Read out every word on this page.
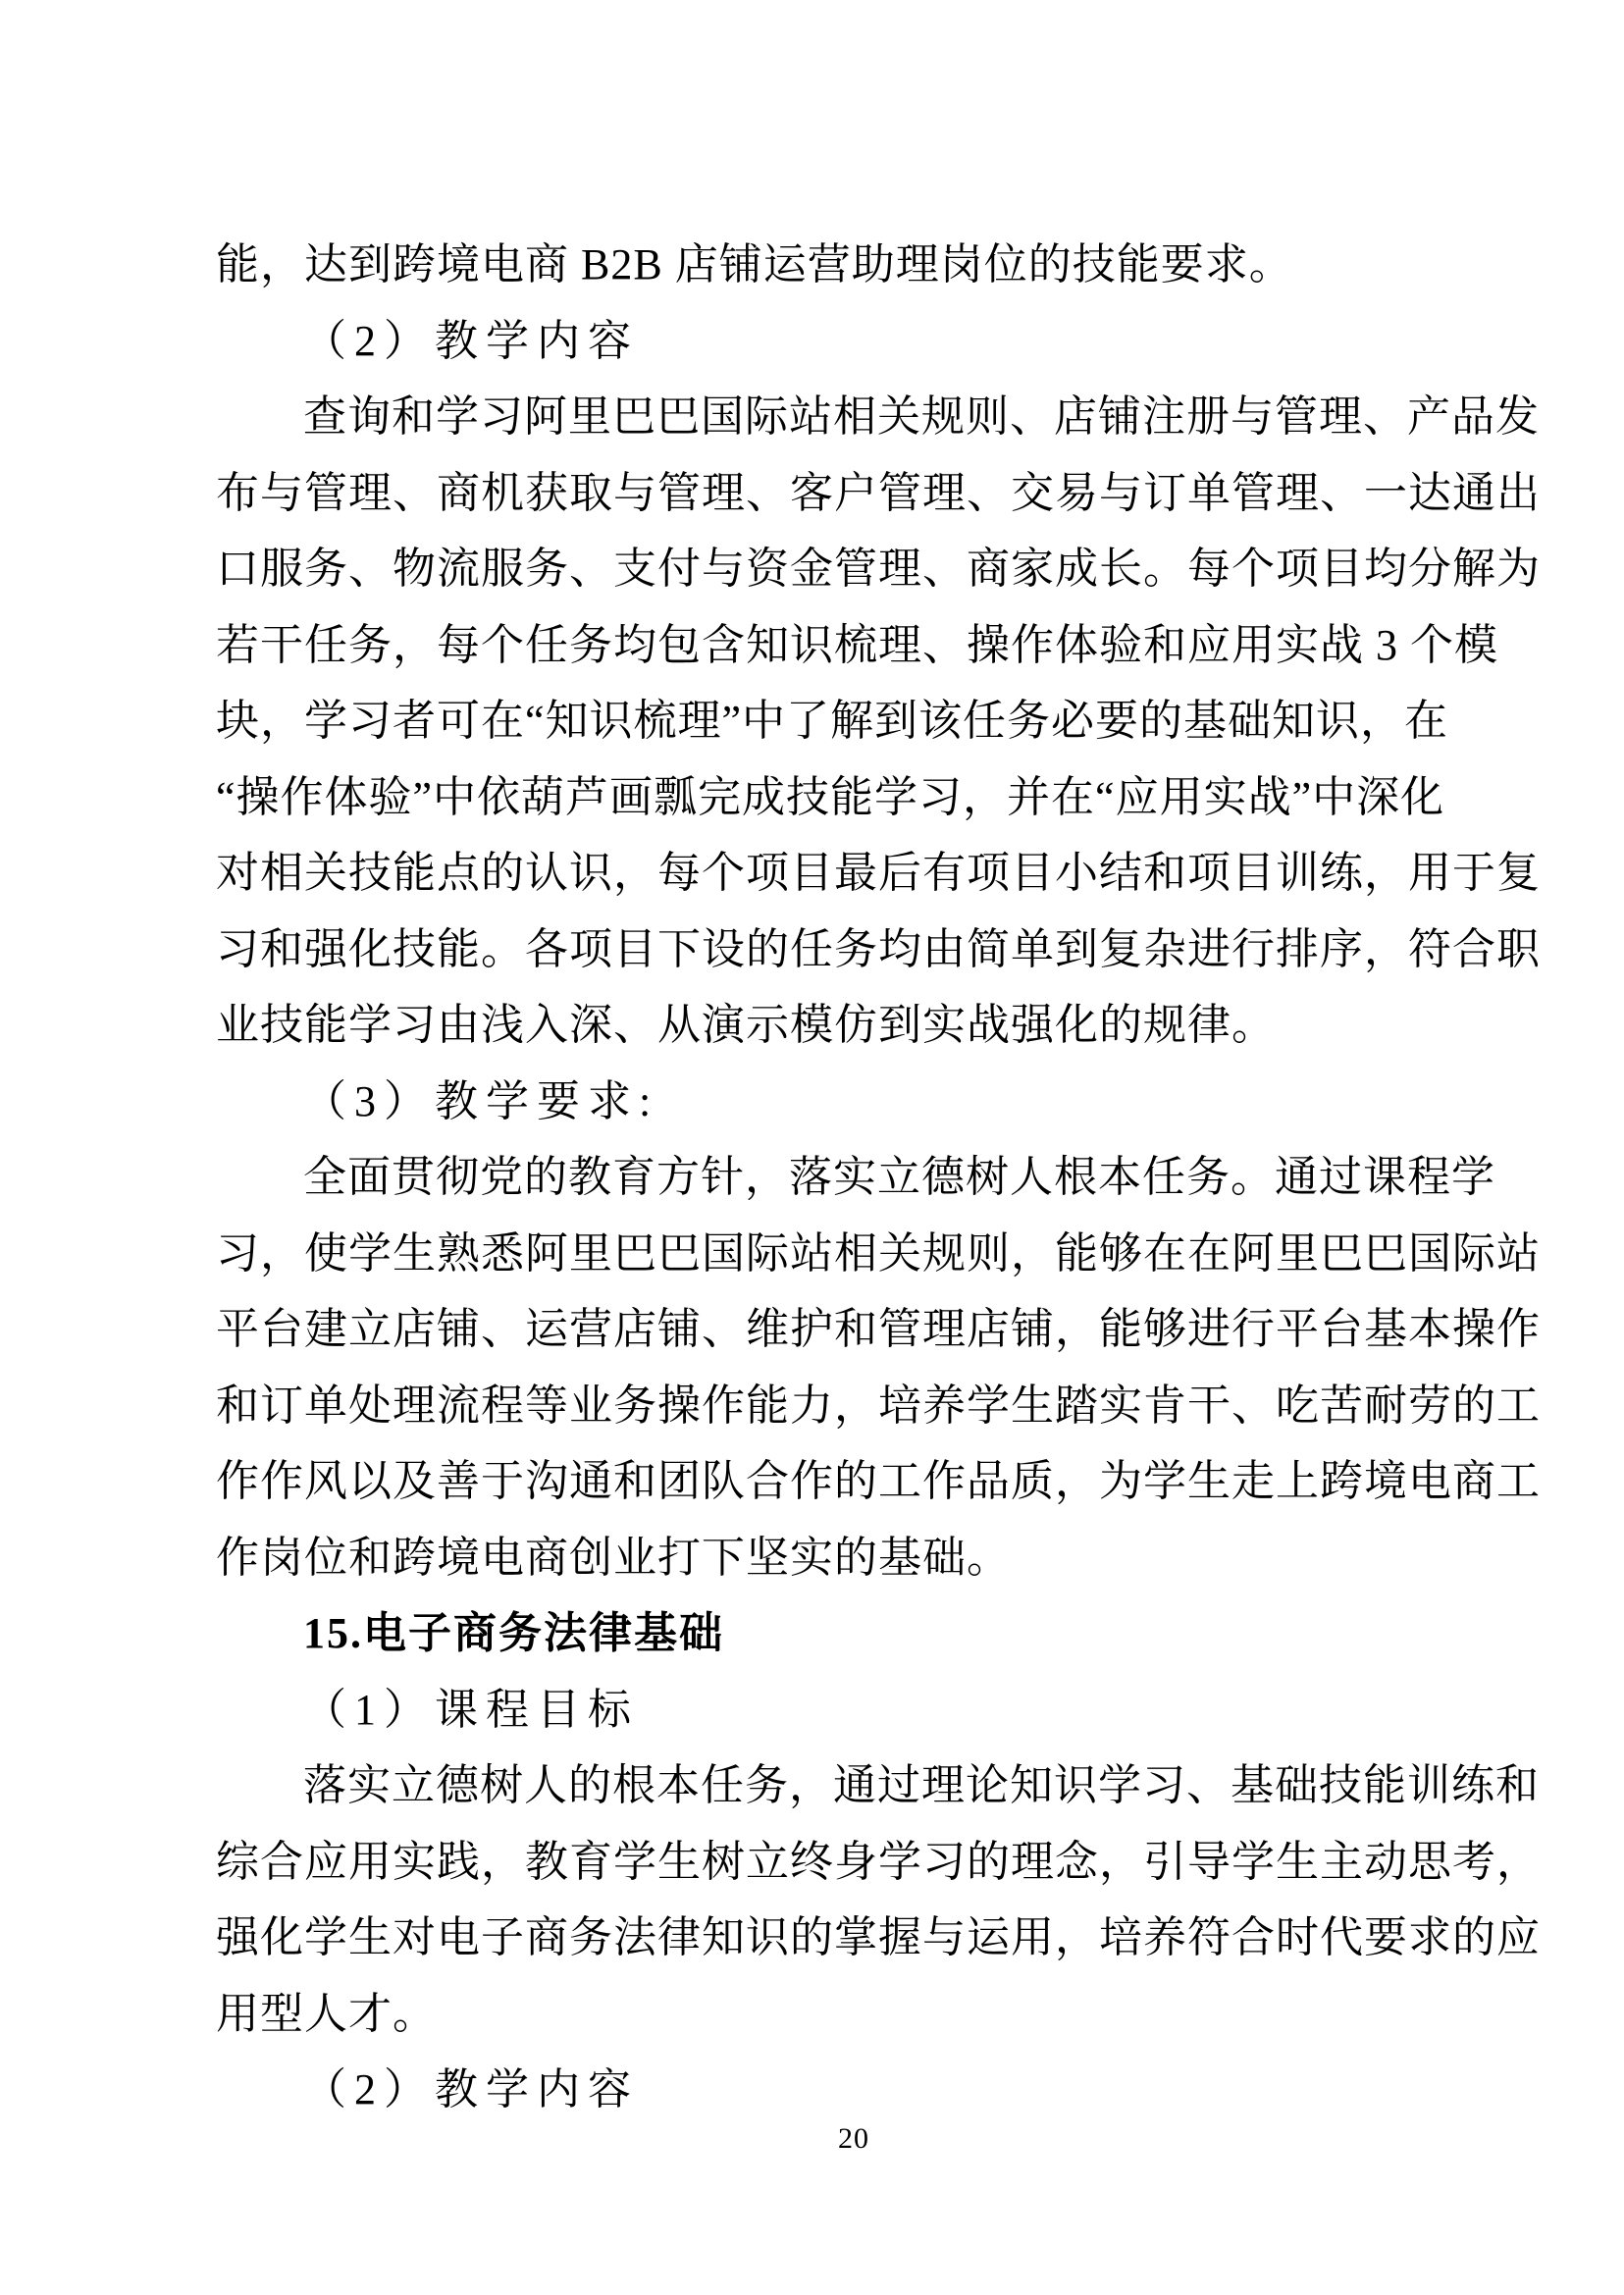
能，达到跨境电商 B2B 店铺运营助理岗位的技能要求。
（2）教学内容
查询和学习阿里巴巴国际站相关规则、店铺注册与管理、产品发
布与管理、商机获取与管理、客户管理、交易与订单管理、一达通出
口服务、物流服务、支付与资金管理、商家成长。每个项目均分解为
若干任务，每个任务均包含知识梳理、操作体验和应用实战 3 个模
块，学习者可在“知识梳理”中了解到该任务必要的基础知识，在
“操作体验”中依葫芦画瓢完成技能学习，并在“应用实战”中深化
对相关技能点的认识，每个项目最后有项目小结和项目训练，用于复
习和强化技能。各项目下设的任务均由简单到复杂进行排序，符合职
业技能学习由浅入深、从演示模仿到实战强化的规律。
（3）教学要求:
全面贯彻党的教育方针，落实立德树人根本任务。通过课程学
习，使学生熟悉阿里巴巴国际站相关规则，能够在在阿里巴巴国际站
平台建立店铺、运营店铺、维护和管理店铺，能够进行平台基本操作
和订单处理流程等业务操作能力，培养学生踏实肯干、吃苦耐劳的工
作作风以及善于沟通和团队合作的工作品质，为学生走上跨境电商工
作岗位和跨境电商创业打下坚实的基础。
15.电子商务法律基础
（1）课程目标
落实立德树人的根本任务，通过理论知识学习、基础技能训练和
综合应用实践，教育学生树立终身学习的理念，引导学生主动思考，
强化学生对电子商务法律知识的掌握与运用，培养符合时代要求的应
用型人才。
（2）教学内容
20
